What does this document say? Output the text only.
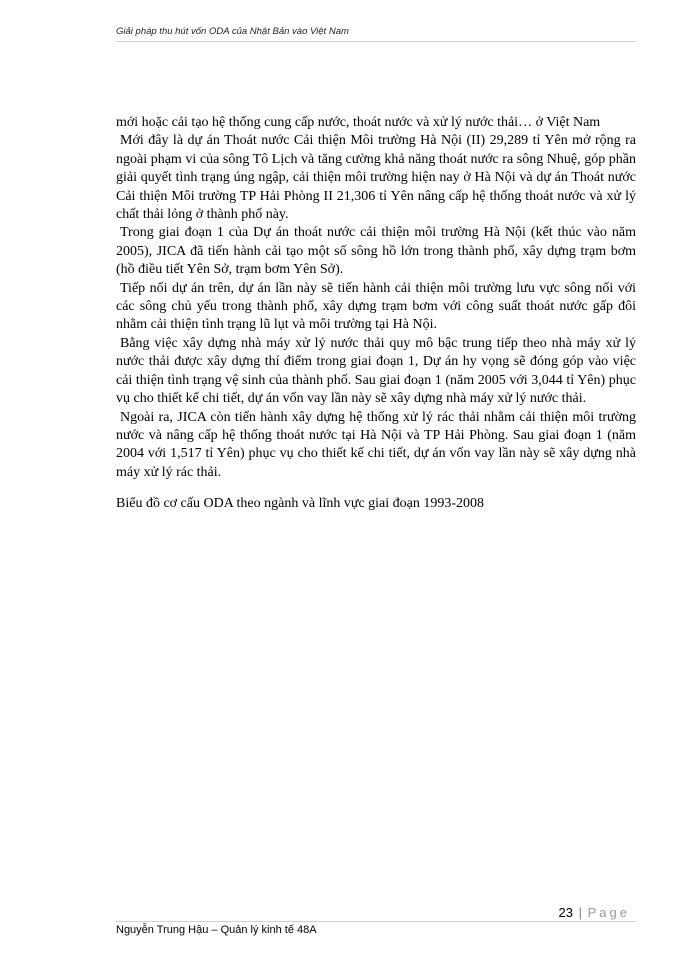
Giải pháp thu hút vốn ODA của Nhật Bản vào Việt Nam

mới hoặc cải tạo hệ thống cung cấp nước, thoát nước và xử lý nước thải… ở Việt Nam

Mới đây là dự án Thoát nước Cải thiện Môi trường Hà Nội (II) 29,289 tỉ Yên mở rộng ra ngoài phạm vi của sông Tô Lịch và tăng cường khả năng thoát nước ra sông Nhuệ, góp phần giải quyết tình trạng úng ngập, cải thiện môi trường hiện nay ở Hà Nội và dự án Thoát nước Cải thiện Môi trường TP Hải Phòng II 21,306 tỉ Yên nâng cấp hệ thống thoát nước và xử lý chất thải lỏng ở thành phố này.

Trong giai đoạn 1 của Dự án thoát nước cải thiện môi trường Hà Nội (kết thúc vào năm 2005), JICA đã tiến hành cải tạo một số sông hồ lớn trong thành phố, xây dựng trạm bơm (hồ điều tiết Yên Sở, trạm bơm Yên Sở).

Tiếp nối dự án trên, dự án lần này sẽ tiến hành cải thiện môi trường lưu vực sông nối với các sông chủ yếu trong thành phố, xây dựng trạm bơm với công suất thoát nước gấp đôi nhằm cải thiện tình trạng lũ lụt và môi trường tại Hà Nội.

Bằng việc xây dựng nhà máy xử lý nước thải quy mô bậc trung tiếp theo nhà máy xử lý nước thải được xây dựng thí điểm trong giai đoạn 1, Dự án hy vọng sẽ đóng góp vào việc cải thiện tình trạng vệ sinh của thành phố. Sau giai đoạn 1 (năm 2005 với 3,044 tỉ Yên) phục vụ cho thiết kế chi tiết, dự án vốn vay lần này sẽ xây dựng nhà máy xử lý nước thải.

Ngoài ra, JICA còn tiến hành xây dựng hệ thống xử lý rác thải nhằm cải thiện môi trường nước và nâng cấp hệ thống thoát nước tại Hà Nội và TP Hải Phòng. Sau giai đoạn 1 (năm 2004 với 1,517 tỉ Yên) phục vụ cho thiết kế chi tiết, dự án vốn vay lần này sẽ xây dựng nhà máy xử lý rác thải.

Biểu đồ cơ cấu ODA theo ngành và lĩnh vực giai đoạn 1993-2008

23 | Page
Nguyễn Trung Hậu – Quản lý kinh tế 48A
